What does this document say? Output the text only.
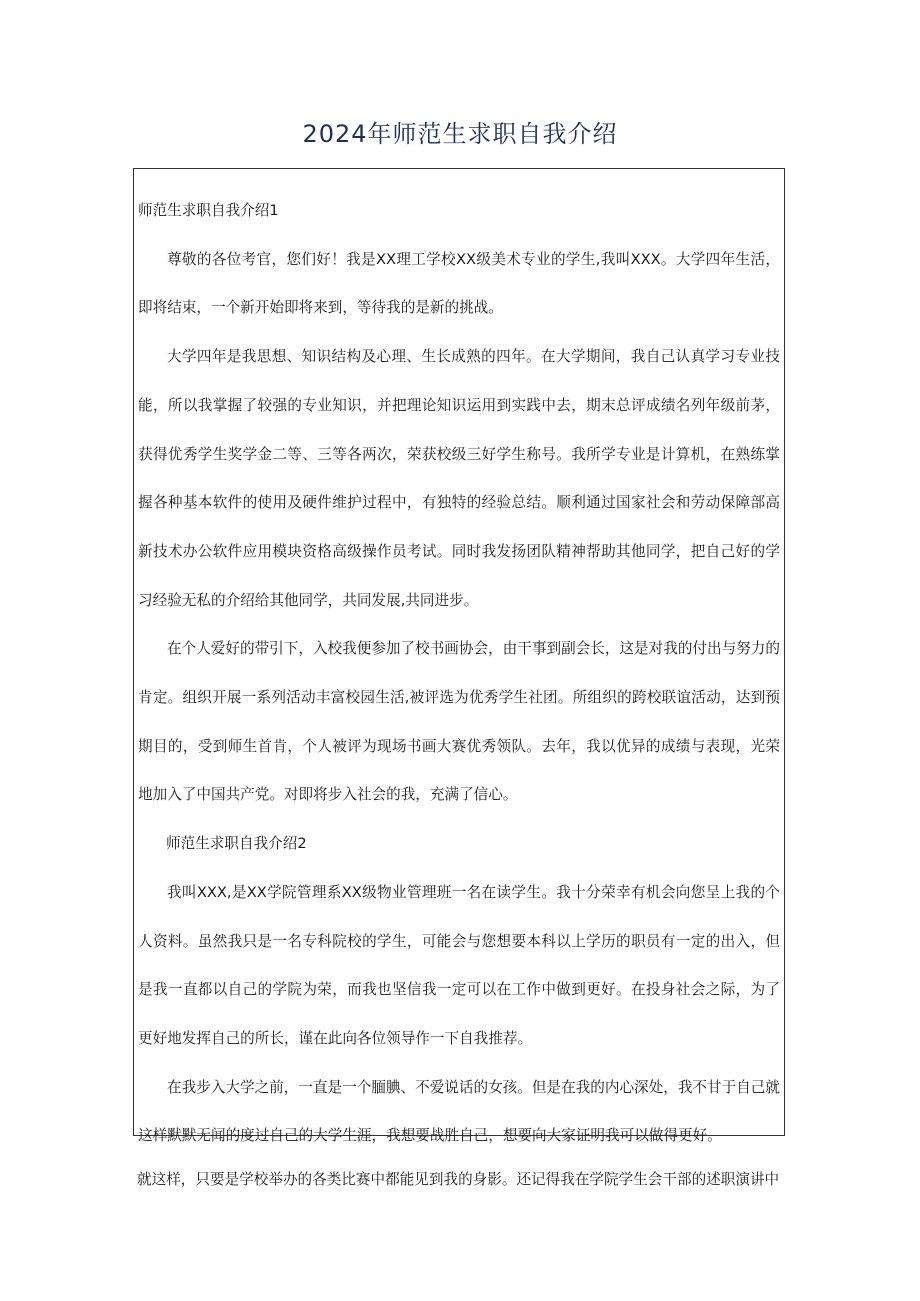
2024年师范生求职自我介绍

师范生求职自我介绍1

尊敬的各位考官，您们好！我是XX理工学校XX级美术专业的学生,我叫XXX。大学四年生活，即将结束，一个新开始即将来到，等待我的是新的挑战。

大学四年是我思想、知识结构及心理、生长成熟的四年。在大学期间，我自己认真学习专业技能，所以我掌握了较强的专业知识，并把理论知识运用到实践中去，期末总评成绩名列年级前茅，获得优秀学生奖学金二等、三等各两次，荣获校级三好学生称号。我所学专业是计算机，在熟练掌握各种基本软件的使用及硬件维护过程中，有独特的经验总结。顺利通过国家社会和劳动保障部高新技术办公软件应用模块资格高级操作员考试。同时我发扬团队精神帮助其他同学，把自己好的学习经验无私的介绍给其他同学，共同发展,共同进步。

在个人爱好的带引下，入校我便参加了校书画协会，由干事到副会长，这是对我的付出与努力的肯定。组织开展一系列活动丰富校园生活,被评选为优秀学生社团。所组织的跨校联谊活动，达到预期目的，受到师生首肯，个人被评为现场书画大赛优秀领队。去年，我以优异的成绩与表现，光荣地加入了中国共产党。对即将步入社会的我，充满了信心。

师范生求职自我介绍2

我叫XXX,是XX学院管理系XX级物业管理班一名在读学生。我十分荣幸有机会向您呈上我的个人资料。虽然我只是一名专科院校的学生，可能会与您想要本科以上学历的职员有一定的出入，但是我一直都以自己的学院为荣，而我也坚信我一定可以在工作中做到更好。在投身社会之际，为了更好地发挥自己的所长，谨在此向各位领导作一下自我推荐。

在我步入大学之前，一直是一个腼腆、不爱说话的女孩。但是在我的内心深处，我不甘于自己就这样默默无闻的度过自己的大学生涯，我想要战胜自己，想要向大家证明我可以做得更好。

就这样，只要是学校举办的各类比赛中都能见到我的身影。还记得我在学院学生会干部的述职演讲中
